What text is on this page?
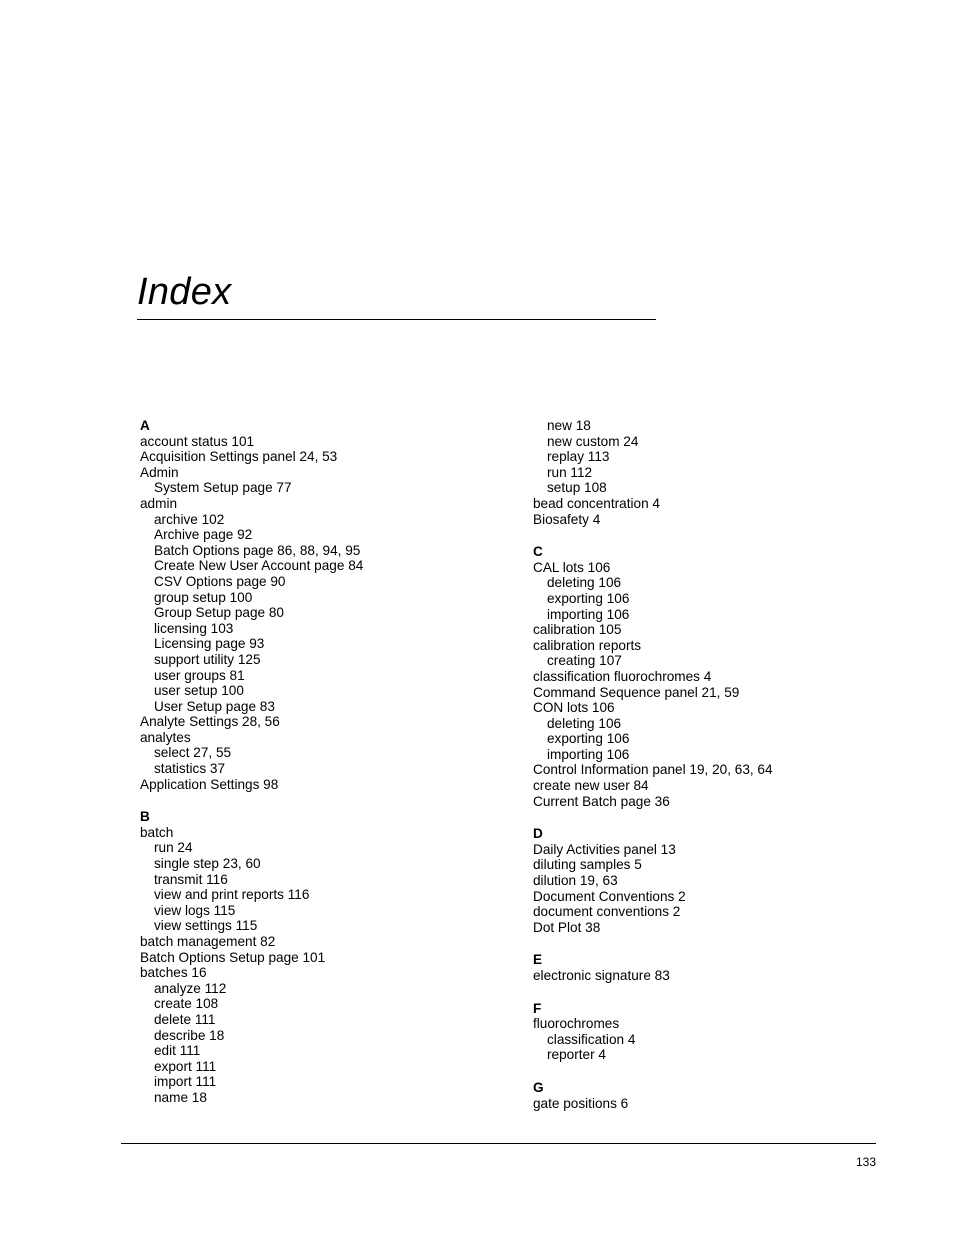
Index
A
account status 101
Acquisition Settings panel 24, 53
Admin
System Setup page 77
admin
archive 102
Archive page 92
Batch Options page 86, 88, 94, 95
Create New User Account page 84
CSV Options page 90
group setup 100
Group Setup page 80
licensing 103
Licensing page 93
support utility 125
user groups 81
user setup 100
User Setup page 83
Analyte Settings 28, 56
analytes
select 27, 55
statistics 37
Application Settings 98
B
batch
run 24
single step 23, 60
transmit 116
view and print reports 116
view logs 115
view settings 115
batch management 82
Batch Options Setup page 101
batches 16
analyze 112
create 108
delete 111
describe 18
edit 111
export 111
import 111
name 18
new 18
new custom 24
replay 113
run 112
setup 108
bead concentration 4
Biosafety 4
C
CAL lots 106
deleting 106
exporting 106
importing 106
calibration 105
calibration reports
creating 107
classification fluorochromes 4
Command Sequence panel 21, 59
CON lots 106
deleting 106
exporting 106
importing 106
Control Information panel 19, 20, 63, 64
create new user 84
Current Batch page 36
D
Daily Activities panel 13
diluting samples 5
dilution 19, 63
Document Conventions 2
document conventions 2
Dot Plot 38
E
electronic signature 83
F
fluorochromes
classification 4
reporter 4
G
gate positions 6
133
